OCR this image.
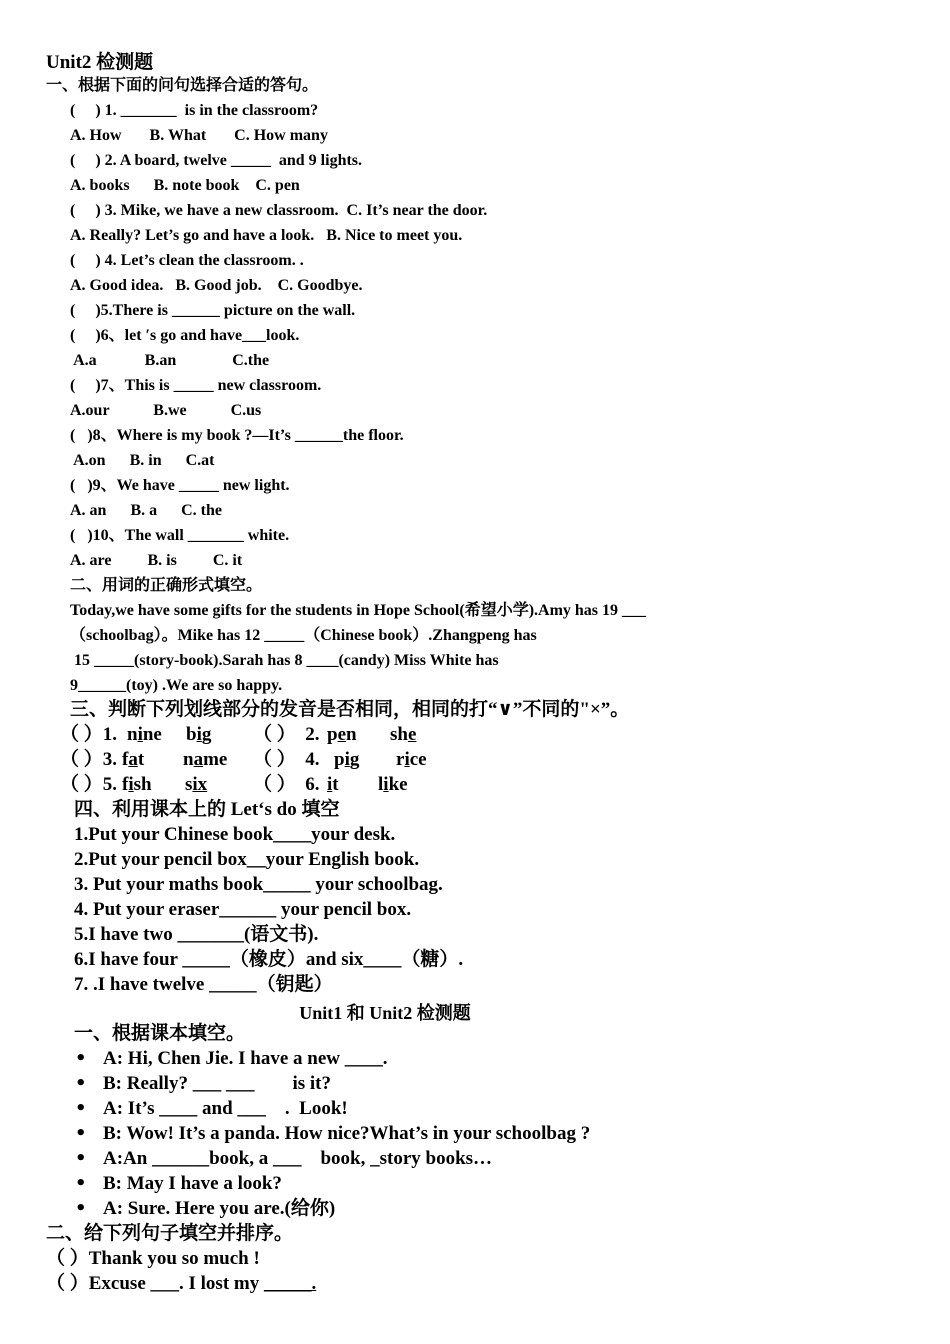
Unit2 检测题
一、根据下面的问句选择合适的答句。
(     ) 1. _______  is in the classroom?
A. How       B. What       C. How many
(     ) 2. A board, twelve _____  and 9 lights.
A. books      B. note book    C. pen
(     ) 3. Mike, we have a new classroom.  C. It’s near the door.
A. Really? Let’s go and have a look.   B. Nice to meet you.
(     ) 4. Let’s clean the classroom. .
A. Good idea.   B. Good job.    C. Goodbye.
(     )5.There is ______ picture on the wall.
(     )6、let ′s go and have___look.
A.a            B.an              C.the
(     )7、This is _____ new classroom.
A.our           B.we           C.us
(   )8、Where is my book ?—It’s ______the floor.
A.on      B. in      C.at
(   )9、We have _____ new light.
A. an      B. a      C. the
(   )10、The wall _______ white.
A. are         B. is         C. it
二、用词的正确形式填空。
Today,we have some gifts for the students in Hope School(希望小学).Amy has 19 ___
（schoolbag）。Mike has 12 _____（Chinese book）.Zhangpeng has
15 _____(story-book).Sarah has 8 ____(candy) Miss White has
9______(toy) .We are so happy.
三、判断下列划线部分的发音是否相同，相同的打“∨”不同的"×”。
（ ）1. nine big （ ）  2. pen she
（ ）3. fat name （ ）  4. pig rice
（ ）5. fish six （ ）  6. it like
四、利用课本上的 Let‘s do 填空
1.Put your Chinese book____your desk.
2.Put your pencil box__your English book.
3. Put your maths book_____ your schoolbag.
4. Put your eraser______ your pencil box.
5.I have two _______(语文书).
6.I have four _____（橡皮）and six____（糖）.
7. .I have twelve _____（钥匙）
Unit1 和 Unit2 检测题
一、根据课本填空。
• A: Hi, Chen Jie. I have a new ____.
• B: Really? ___ ___        is it?
• A: It’s ____ and ___    .  Look!
• B: Wow! It’s a panda. How nice?What’s in your schoolbag ?
• A:An ______book, a ___    book, _story books…
• B: May I have a look?
• A: Sure. Here you are.(给你)
二、给下列句子填空并排序。
（ ）Thank you so much !
（ ）Excuse ___. I lost my _____.
